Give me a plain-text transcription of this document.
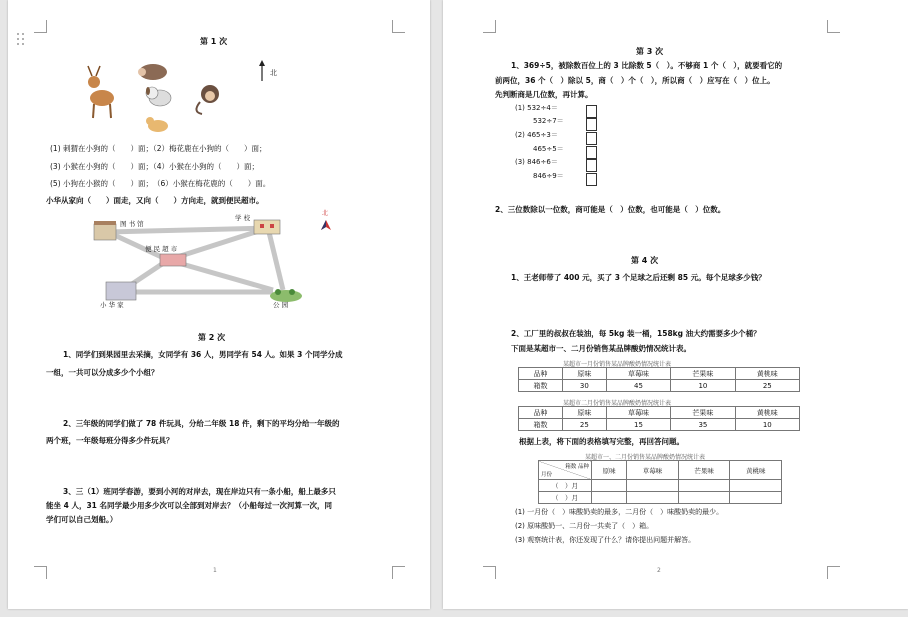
第 1 次
北
(1) 刺猬在小狗的（　　）面；（2）梅花鹿在小狗的（　　）面；
(3) 小猴在小狗的（　　）面；（4）小猴在小狗的（　　）面；
(5) 小狗在小猴的（　　）面；　（6）小猴在梅花鹿的（　　）面。
小华从家向（　　）面走，又向（　　）方向走，就到便民超市。
图 书 馆
学 校
便 民 超 市
小 华 家	公 园
北
第 2 次
1、同学们到果园里去采摘，女同学有 36 人，男同学有 54 人。如果 3 个同学分成
一组，一共可以分成多少个小组？
2、三年级的同学们做了 78 件玩具，分给二年级 18 件，剩下的平均分给一年级的
两个班，一年级每班分得多少件玩具？
3、三（1）班同学春游，要到小河的对岸去，现在岸边只有一条小船，船上最多只
能坐 4 人，31 名同学最少用多少次可以全部到对岸去？（小船每过一次河算一次，同
学们可以自己划船。）
1
第 3 次
1、369÷5，被除数百位上的 3 比除数 5（　）。不够商 1 个（　），就要看它的
前两位，36 个（　）除以 5，商（　）个（　），所以商（　）应写在（　）位上。
先判断商是几位数，再计算。
(1) 532÷4＝
532÷7＝
(2) 465÷3＝
465÷5＝
(3) 846÷6＝
846÷9＝
2、三位数除以一位数，商可能是（　）位数，也可能是（　）位数。
第 4 次
1、王老师带了 400 元，买了 3 个足球之后还剩 85 元。每个足球多少钱？
2、工厂里的叔叔在装油，每 5kg 装一桶，158kg 油大约需要多少个桶？
下面是某超市一、二月份销售某品牌酸奶情况统计表。
某超市一月份销售某品牌酸奶情况统计表
品种	原味	草莓味	芒果味	黄桃味
箱数	30	45	10	25
某超市二月份销售某品牌酸奶情况统计表
品种	原味	草莓味	芒果味	黄桃味
箱数	25	15	35	10
根据上表，将下面的表格填写完整，再回答问题。
某超市一、二月份销售某品牌酸奶情况统计表
箱数 品种
月份	原味	草莓味	芒果味	黄桃味
（　）月				
（　）月				
(1) 一月份（　）味酸奶卖的最多，二月份（　）味酸奶卖的最少。
(2) 原味酸奶一、二月份一共卖了（　）箱。
(3) 观察统计表，你还发现了什么？请你提出问题并解答。
2
